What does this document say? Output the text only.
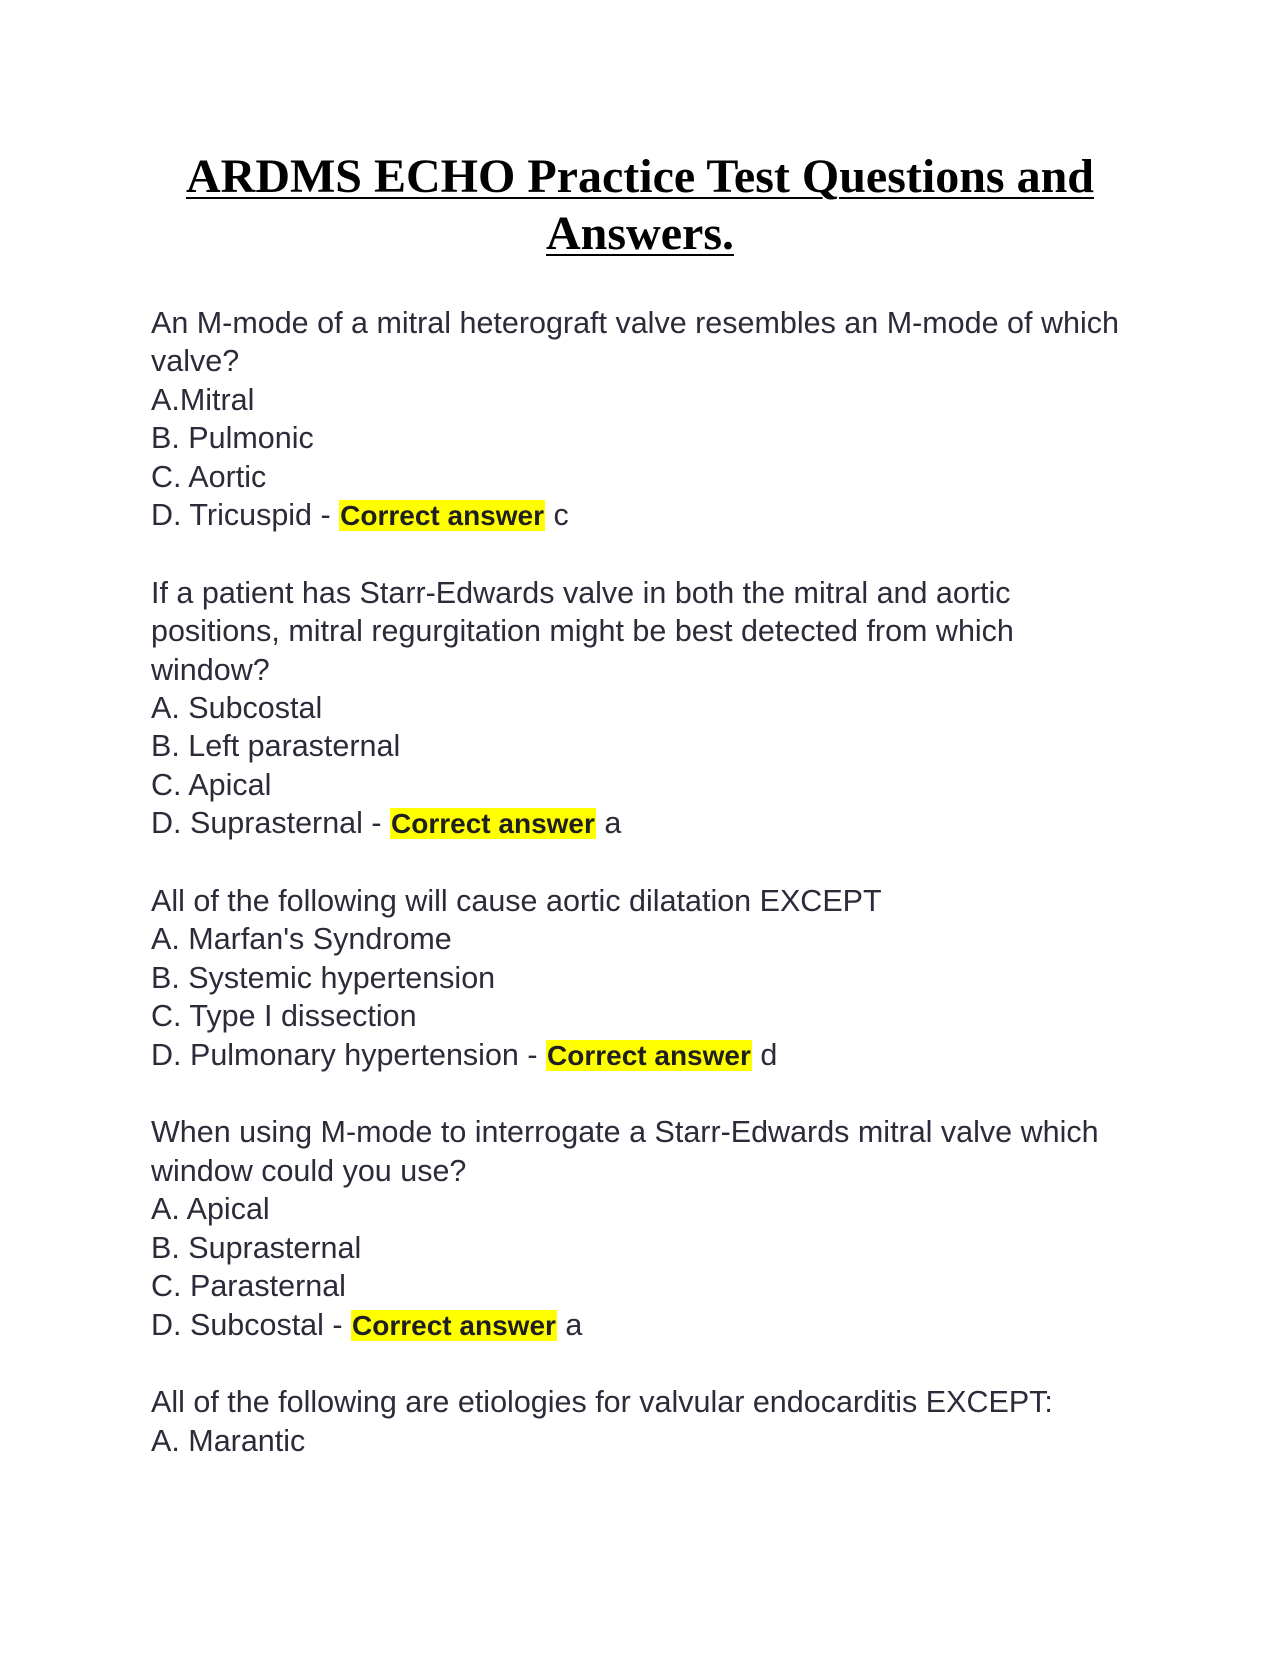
ARDMS ECHO Practice Test Questions and Answers.
An M-mode of a mitral heterograft valve resembles an M-mode of which valve?
A.Mitral
B. Pulmonic
C. Aortic
D. Tricuspid - Correct answer c
If a patient has Starr-Edwards valve in both the mitral and aortic positions, mitral regurgitation might be best detected from which window?
A. Subcostal
B. Left parasternal
C. Apical
D. Suprasternal - Correct answer a
All of the following will cause aortic dilatation EXCEPT
A. Marfan's Syndrome
B. Systemic hypertension
C. Type I dissection
D. Pulmonary hypertension - Correct answer d
When using M-mode to interrogate a Starr-Edwards mitral valve which window could you use?
A. Apical
B. Suprasternal
C. Parasternal
D. Subcostal - Correct answer a
All of the following are etiologies for valvular endocarditis EXCEPT:
A. Marantic
